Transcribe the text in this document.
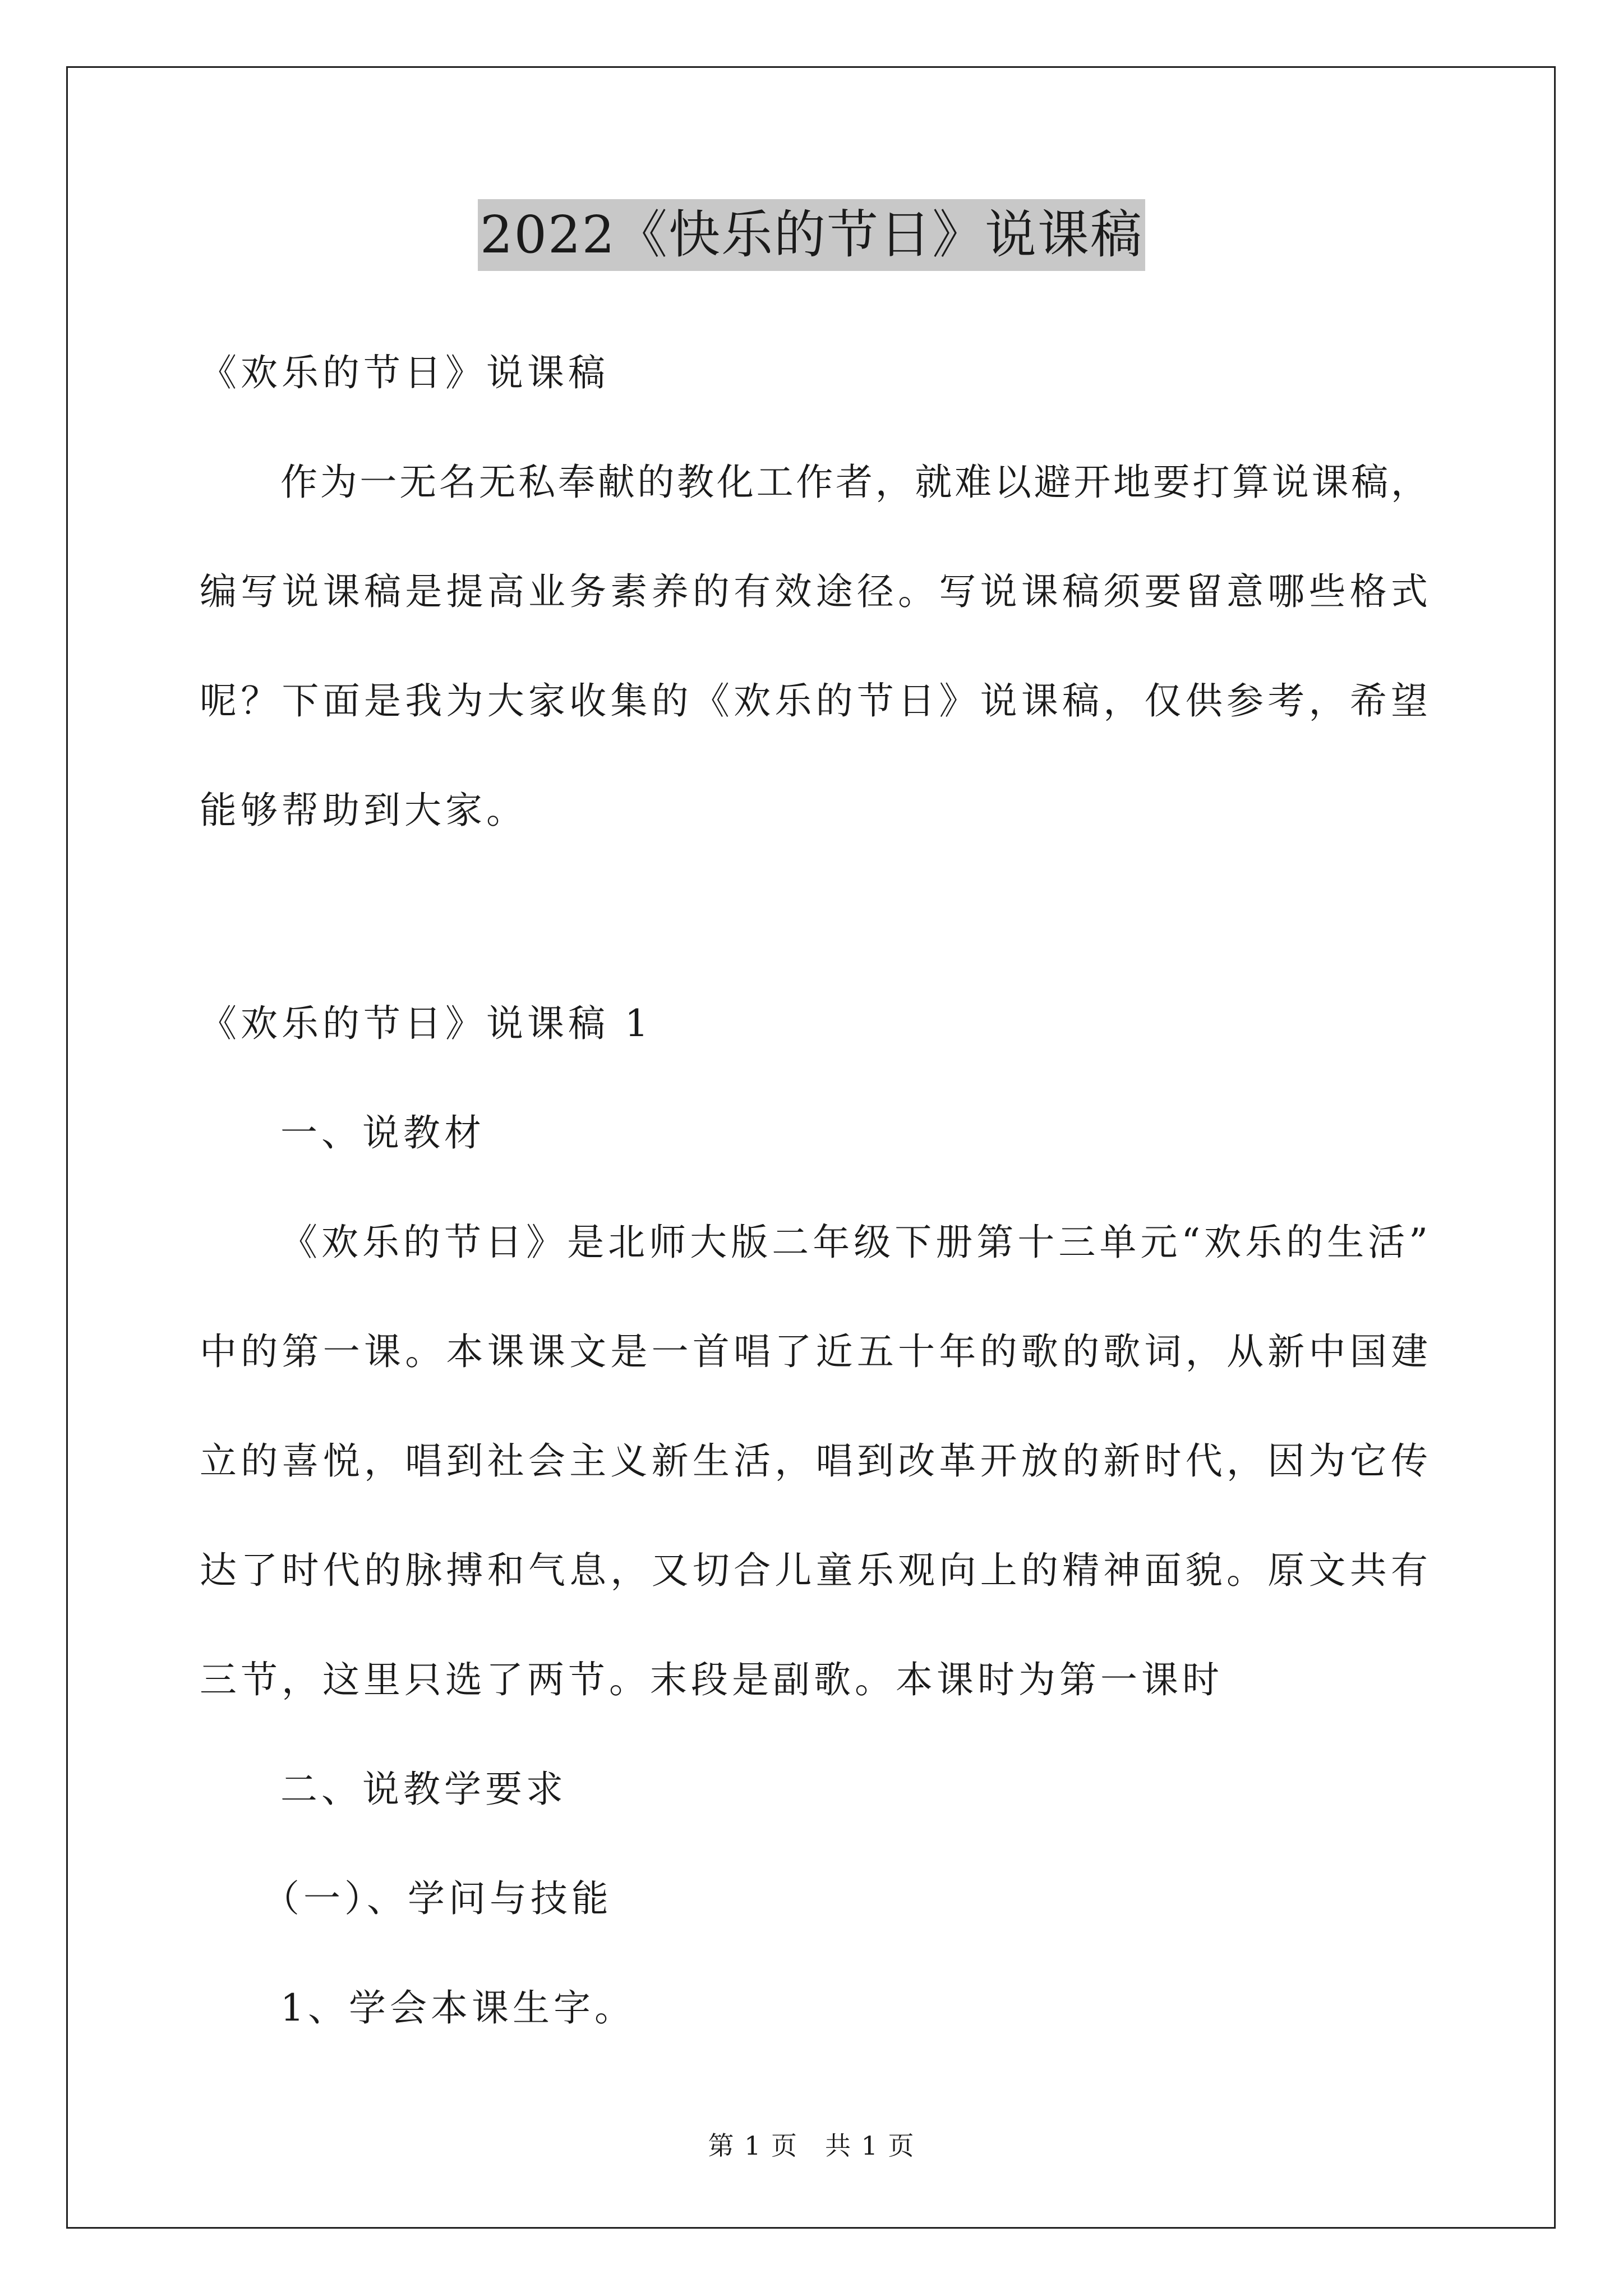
2022《快乐的节日》说课稿
《欢乐的节日》说课稿
作为一无名无私奉献的教化工作者，就难以避开地要打算说课稿，
编写说课稿是提高业务素养的有效途径。写说课稿须要留意哪些格式
呢？下面是我为大家收集的《欢乐的节日》说课稿，仅供参考，希望
能够帮助到大家。
《欢乐的节日》说课稿 1
一、说教材
《欢乐的节日》是北师大版二年级下册第十三单元“欢乐的生活”
中的第一课。本课课文是一首唱了近五十年的歌的歌词，从新中国建
立的喜悦，唱到社会主义新生活，唱到改革开放的新时代，因为它传
达了时代的脉搏和气息，又切合儿童乐观向上的精神面貌。原文共有
三节，这里只选了两节。末段是副歌。本课时为第一课时
二、说教学要求
（一）、学问与技能
1、学会本课生字。
第 1 页　共 1 页
